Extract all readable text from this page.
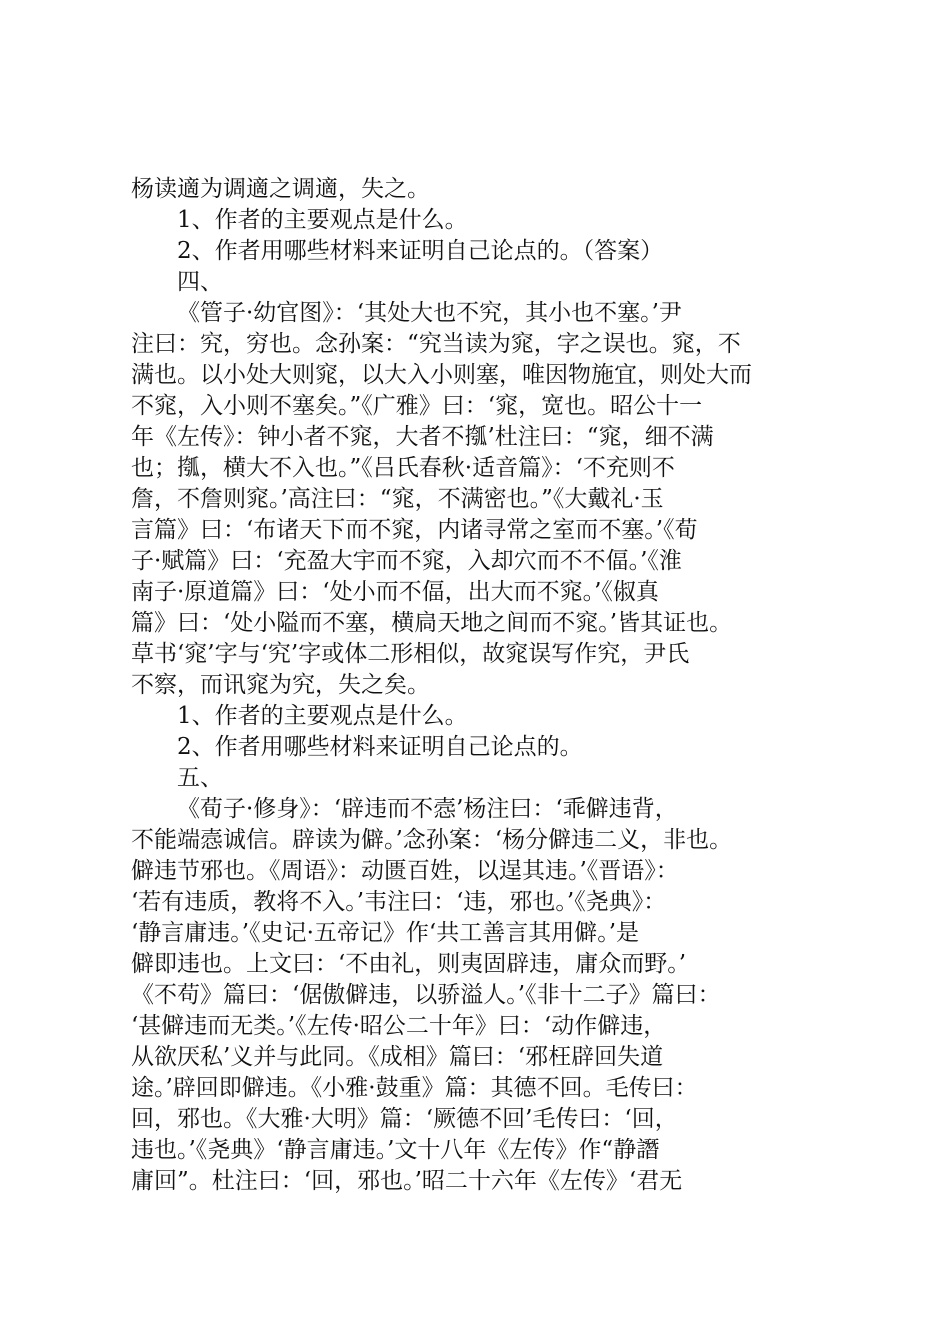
杨读適为调適之调適，失之。
1、作者的主要观点是什么。
2、作者用哪些材料来证明自己论点的。（答案）
四、
《管子·幼官图》：‘其处大也不究，其小也不塞。’尹
注曰：究，穷也。念孙案：“究当读为窕，字之误也。窕，不
满也。以小处大则窕，以大入小则塞，唯因物施宜，则处大而
不窕，入小则不塞矣。”《广雅》曰：‘窕，宽也。昭公十一
年《左传》：钟小者不窕，大者不摦’杜注曰：“窕，细不满
也；摦，横大不入也。”《吕氏春秋·适音篇》：‘不充则不
詹，不詹则窕。’高注曰：“窕，不满密也。”《大戴礼·玉
言篇》曰：‘布诸天下而不窕，内诸寻常之室而不塞。’《荀
子·赋篇》曰：‘充盈大宇而不窕，入却穴而不不偪。’《淮
南子·原道篇》曰：‘处小而不偪，出大而不窕。’《俶真
篇》曰：‘处小隘而不塞，横扃天地之间而不窕。’皆其证也。
草书‘窕’字与‘究’字或体二形相似，故窕误写作究，尹氏
不察，而讯窕为究，失之矣。
1、作者的主要观点是什么。
2、作者用哪些材料来证明自己论点的。
五、
《荀子·修身》：‘辟违而不悫’杨注曰：‘乖僻违背，
不能端悫诚信。辟读为僻。’念孙案：‘杨分僻违二义，非也。
僻违节邪也。《周语》：动匮百姓，以逞其违。’《晋语》：
‘若有违质，教将不入。’韦注曰：‘违，邪也。’《尧典》：
‘静言庸违。’《史记·五帝记》作‘共工善言其用僻。’是
僻即违也。上文曰：‘不由礼，则夷固辟违，庸众而野。’
《不苟》篇曰：‘倨傲僻违，以骄溢人。’《非十二子》篇曰：
‘甚僻违而无类。’《左传·昭公二十年》曰：‘动作僻违，
从欲厌私’义并与此同。《成相》篇曰：‘邪枉辟回失道
途。’辟回即僻违。《小雅·鼓重》篇：其德不回。毛传曰：
回，邪也。《大雅·大明》篇：‘厥德不回’毛传曰：‘回，
违也。’《尧典》‘静言庸违。’文十八年《左传》作“静譖
庸回”。杜注曰：‘回，邪也。’昭二十六年《左传》‘君无
